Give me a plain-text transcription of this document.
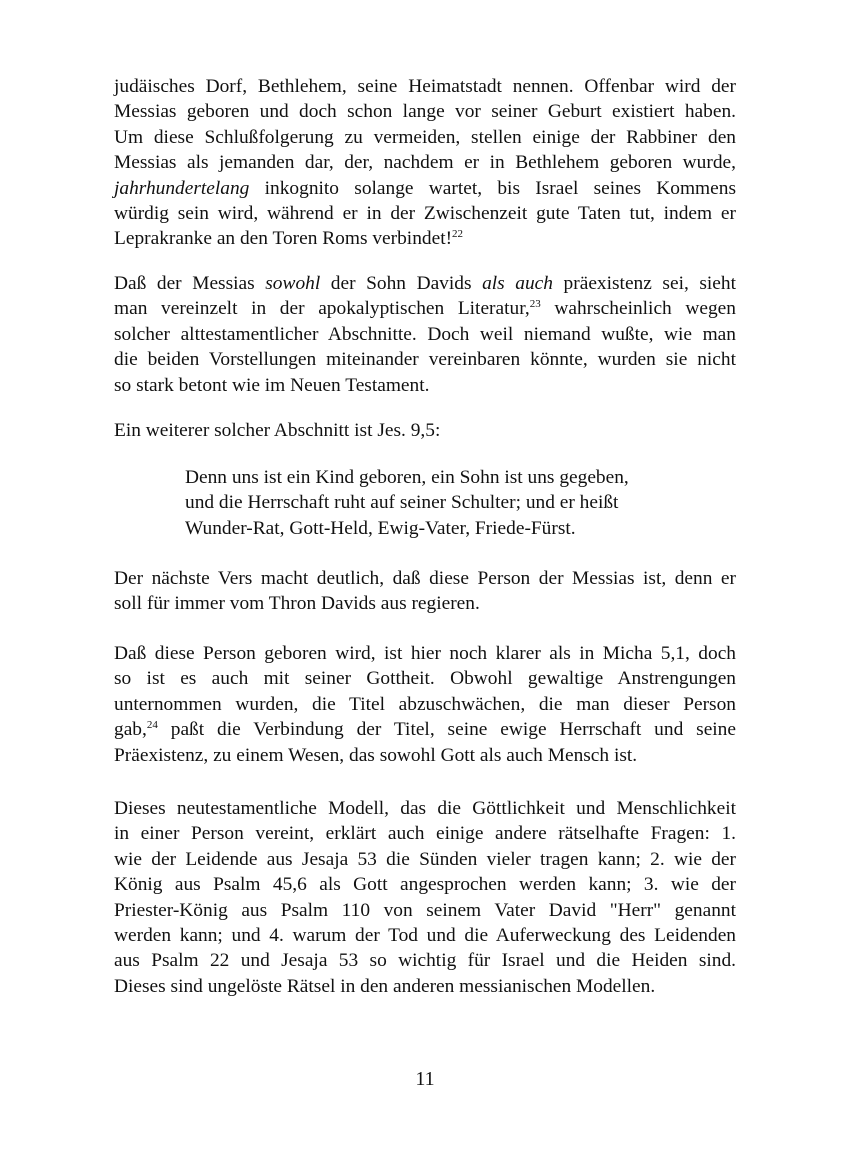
judäisches Dorf, Bethlehem, seine Heimatstadt nennen. Offenbar wird der
Messias geboren und doch schon lange vor seiner Geburt existiert haben.
Um diese Schlußfolgerung zu vermeiden, stellen einige der Rabbiner den
Messias als jemanden dar, der, nachdem er in Bethlehem geboren wurde,
jahrhundertelang inkognito solange wartet, bis Israel seines Kommens
würdig sein wird, während er in der Zwischenzeit gute Taten tut, indem er
Leprakranke an den Toren Roms verbindet!$^{22}$
Daß der Messias sowohl der Sohn Davids als auch präexistenz sei, sieht
man vereinzelt in der apokalyptischen Literatur,$^{23}$ wahrscheinlich wegen
solcher alttestamentlicher Abschnitte. Doch weil niemand wußte, wie man
die beiden Vorstellungen miteinander vereinbaren könnte, wurden sie nicht
so stark betont wie im Neuen Testament.
Ein weiterer solcher Abschnitt ist Jes. 9,5:
Denn uns ist ein Kind geboren, ein Sohn ist uns gegeben,
und die Herrschaft ruht auf seiner Schulter; und er heißt
Wunder-Rat, Gott-Held, Ewig-Vater, Friede-Fürst.
Der nächste Vers macht deutlich, daß diese Person der Messias ist, denn er
soll für immer vom Thron Davids aus regieren.
Daß diese Person geboren wird, ist hier noch klarer als in Micha 5,1, doch
so ist es auch mit seiner Gottheit. Obwohl gewaltige Anstrengungen
unternommen wurden, die Titel abzuschwächen, die man dieser Person
gab,$^{24}$ paßt die Verbindung der Titel, seine ewige Herrschaft und seine
Präexistenz, zu einem Wesen, das sowohl Gott als auch Mensch ist.
Dieses neutestamentliche Modell, das die Göttlichkeit und Menschlichkeit
in einer Person vereint, erklärt auch einige andere rätselhafte Fragen: 1.
wie der Leidende aus Jesaja 53 die Sünden vieler tragen kann; 2. wie der
König aus Psalm 45,6 als Gott angesprochen werden kann; 3. wie der
Priester-König aus Psalm 110 von seinem Vater David "Herr" genannt
werden kann; und 4. warum der Tod und die Auferweckung des Leidenden
aus Psalm 22 und Jesaja 53 so wichtig für Israel und die Heiden sind.
Dieses sind ungelöste Rätsel in den anderen messianischen Modellen.
11
